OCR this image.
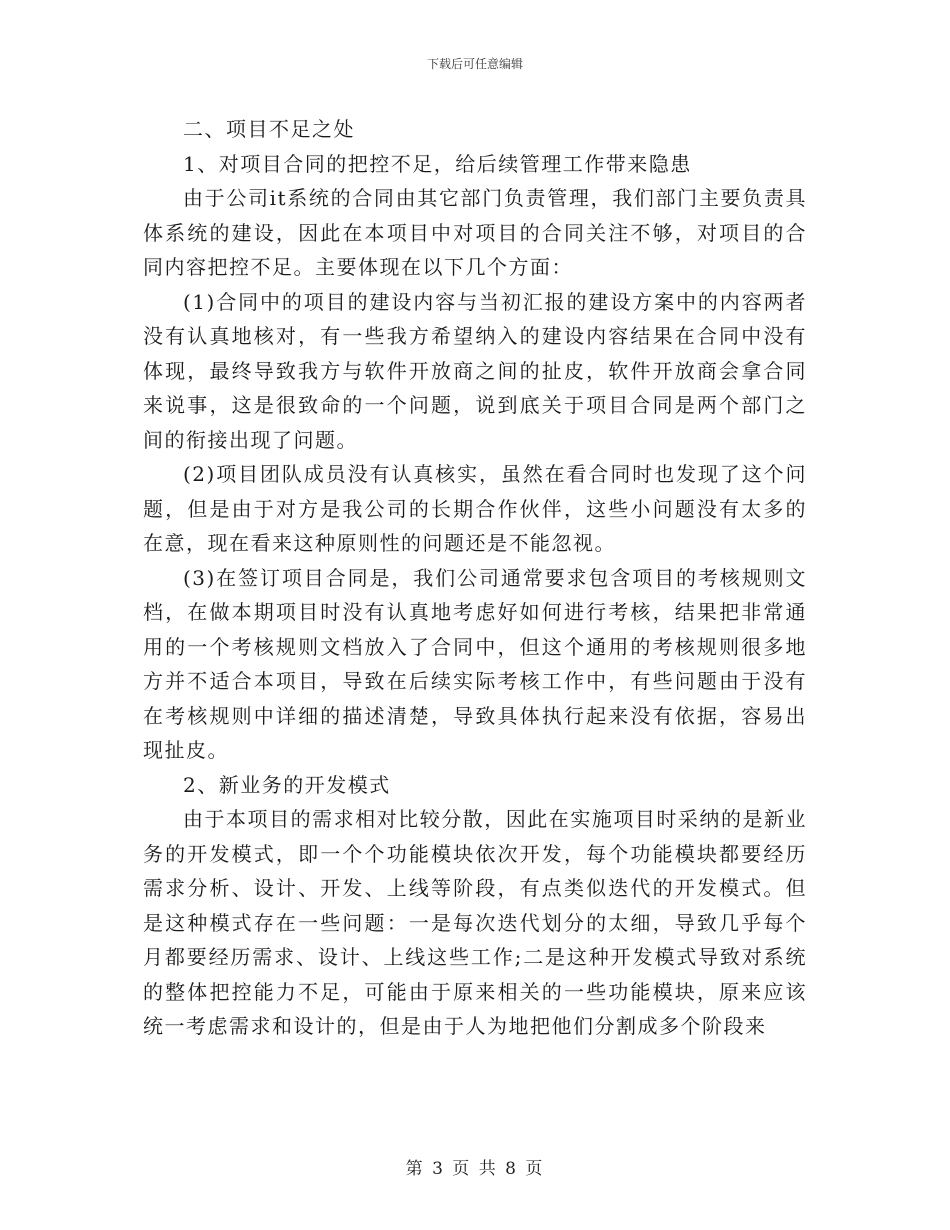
下载后可任意编辑

二、项目不足之处

1、对项目合同的把控不足，给后续管理工作带来隐患

由于公司it系统的合同由其它部门负责管理，我们部门主要负责具体系统的建设，因此在本项目中对项目的合同关注不够，对项目的合同内容把控不足。主要体现在以下几个方面：

(1)合同中的项目的建设内容与当初汇报的建设方案中的内容两者没有认真地核对，有一些我方希望纳入的建设内容结果在合同中没有体现，最终导致我方与软件开放商之间的扯皮，软件开放商会拿合同来说事，这是很致命的一个问题，说到底关于项目合同是两个部门之间的衔接出现了问题。

(2)项目团队成员没有认真核实，虽然在看合同时也发现了这个问题，但是由于对方是我公司的长期合作伙伴，这些小问题没有太多的在意，现在看来这种原则性的问题还是不能忽视。

(3)在签订项目合同是，我们公司通常要求包含项目的考核规则文档，在做本期项目时没有认真地考虑好如何进行考核，结果把非常通用的一个考核规则文档放入了合同中，但这个通用的考核规则很多地方并不适合本项目，导致在后续实际考核工作中，有些问题由于没有在考核规则中详细的描述清楚，导致具体执行起来没有依据，容易出现扯皮。

2、新业务的开发模式

由于本项目的需求相对比较分散，因此在实施项目时采纳的是新业务的开发模式，即一个个功能模块依次开发，每个功能模块都要经历需求分析、设计、开发、上线等阶段，有点类似迭代的开发模式。但是这种模式存在一些问题：一是每次迭代划分的太细，导致几乎每个月都要经历需求、设计、上线这些工作;二是这种开发模式导致对系统的整体把控能力不足，可能由于原来相关的一些功能模块，原来应该统一考虑需求和设计的，但是由于人为地把他们分割成多个阶段来

第 3 页 共 8 页
